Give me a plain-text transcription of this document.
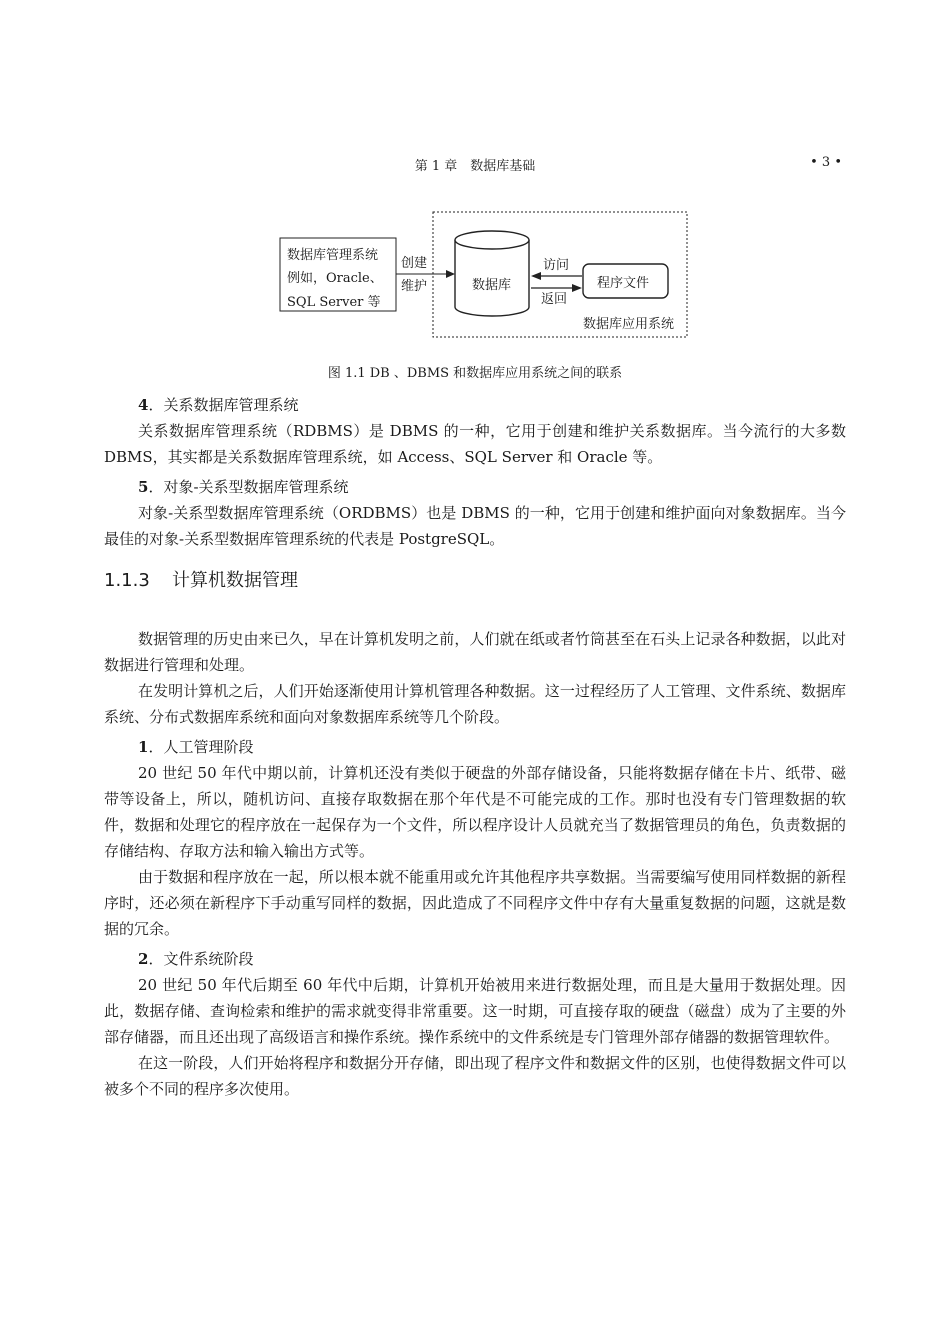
第 1 章　数据库基础	• 3 •
数据库管理系统
例如，Oracle、
SQL Server 等
创建
维护	数据库
访问
返回
程序文件
数据库应用系统
图 1.1 DB 、DBMS 和数据库应用系统之间的联系

4．关系数据库管理系统

关系数据库管理系统（RDBMS）是 DBMS 的一种，它用于创建和维护关系数据库。当今流行的大多数 DBMS，其实都是关系数据库管理系统，如 Access、SQL Server 和 Oracle 等。

5．对象-关系型数据库管理系统

对象-关系型数据库管理系统（ORDBMS）也是 DBMS 的一种，它用于创建和维护面向对象数据库。当今最佳的对象-关系型数据库管理系统的代表是 PostgreSQL。

1.1.3 计算机数据管理

数据管理的历史由来已久，早在计算机发明之前，人们就在纸或者竹筒甚至在石头上记录各种数据，以此对数据进行管理和处理。

在发明计算机之后，人们开始逐渐使用计算机管理各种数据。这一过程经历了人工管理、文件系统、数据库系统、分布式数据库系统和面向对象数据库系统等几个阶段。

1．人工管理阶段

20 世纪 50 年代中期以前，计算机还没有类似于硬盘的外部存储设备，只能将数据存储在卡片、纸带、磁带等设备上，所以，随机访问、直接存取数据在那个年代是不可能完成的工作。那时也没有专门管理数据的软件，数据和处理它的程序放在一起保存为一个文件，所以程序设计人员就充当了数据管理员的角色，负责数据的存储结构、存取方法和输入输出方式等。

由于数据和程序放在一起，所以根本就不能重用或允许其他程序共享数据。当需要编写使用同样数据的新程序时，还必须在新程序下手动重写同样的数据，因此造成了不同程序文件中存有大量重复数据的问题，这就是数据的冗余。

2．文件系统阶段

20 世纪 50 年代后期至 60 年代中后期，计算机开始被用来进行数据处理，而且是大量用于数据处理。因此，数据存储、查询检索和维护的需求就变得非常重要。这一时期，可直接存取的硬盘（磁盘）成为了主要的外部存储器，而且还出现了高级语言和操作系统。操作系统中的文件系统是专门管理外部存储器的数据管理软件。

在这一阶段，人们开始将程序和数据分开存储，即出现了程序文件和数据文件的区别，也使得数据文件可以被多个不同的程序多次使用。
